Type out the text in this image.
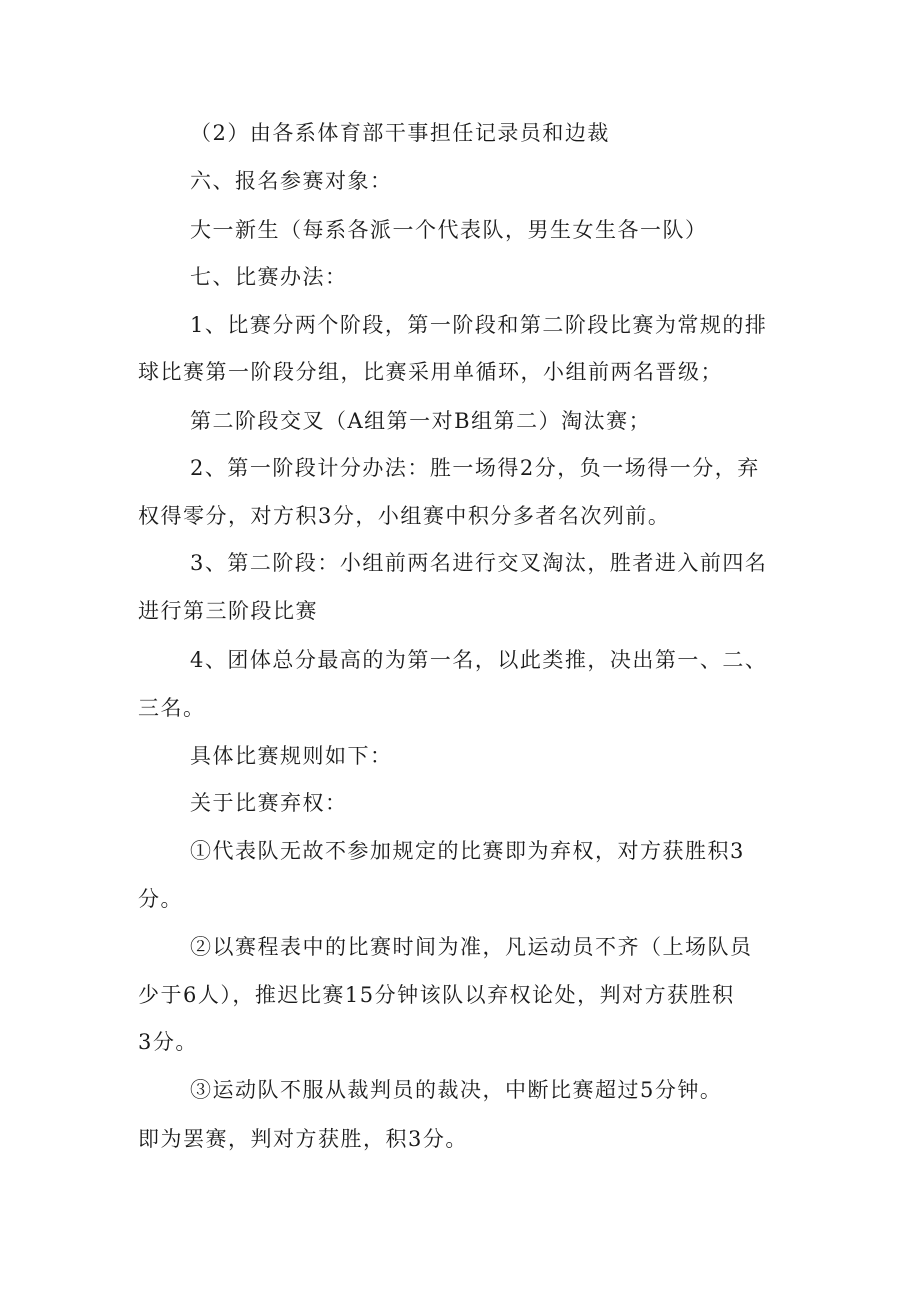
（2）由各系体育部干事担任记录员和边裁
六、报名参赛对象：
大一新生（每系各派一个代表队，男生女生各一队）
七、比赛办法：
1、比赛分两个阶段，第一阶段和第二阶段比赛为常规的排
球比赛第一阶段分组，比赛采用单循环，小组前两名晋级；
第二阶段交叉（A组第一对B组第二）淘汰赛；
2、第一阶段计分办法：胜一场得2分，负一场得一分，弃
权得零分，对方积3分，小组赛中积分多者名次列前。
3、第二阶段：小组前两名进行交叉淘汰，胜者进入前四名
进行第三阶段比赛
4、团体总分最高的为第一名，以此类推，决出第一、二、
三名。
具体比赛规则如下：
关于比赛弃权：
①代表队无故不参加规定的比赛即为弃权，对方获胜积3
分。
②以赛程表中的比赛时间为准，凡运动员不齐（上场队员
少于6人），推迟比赛15分钟该队以弃权论处，判对方获胜积
3分。
③运动队不服从裁判员的裁决，中断比赛超过5分钟。
即为罢赛，判对方获胜，积3分。
